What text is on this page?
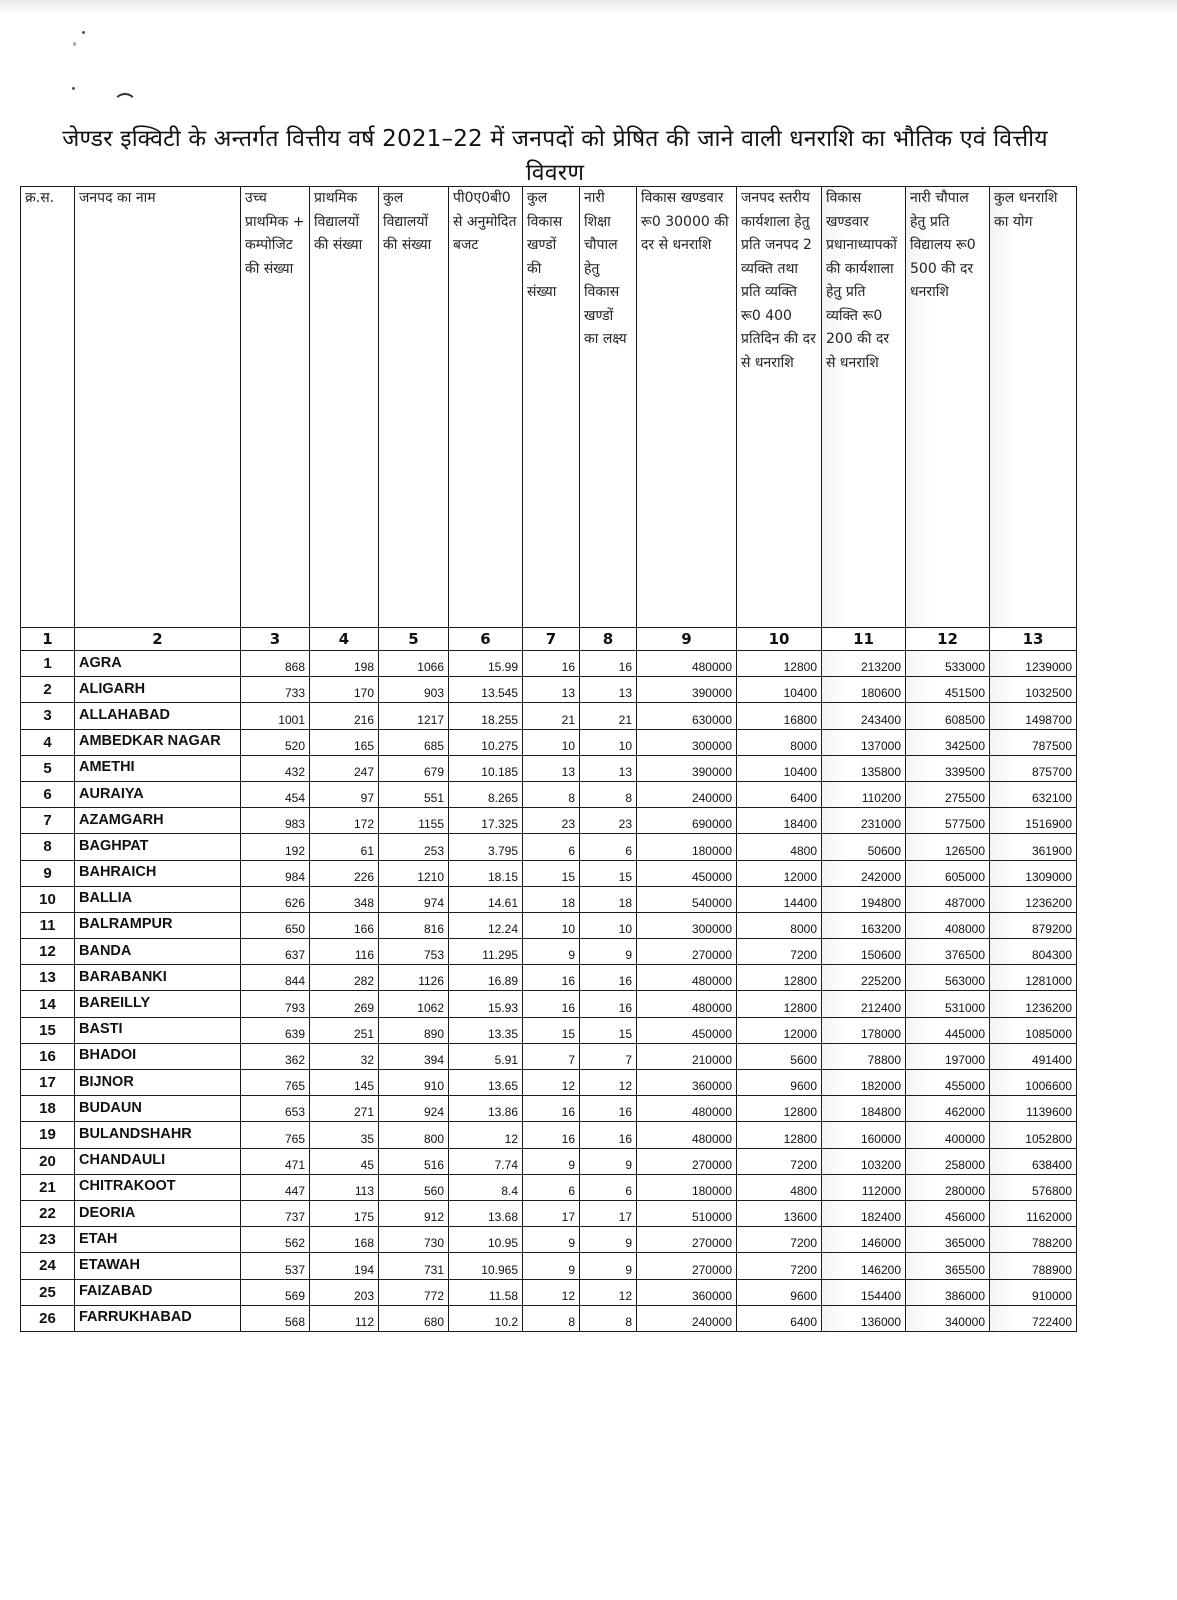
जेण्डर इक्विटी के अन्तर्गत वित्तीय वर्ष 2021–22 में जनपदों को प्रेषित की जाने वाली धनराशि का भौतिक एवं वित्तीय विवरण
क्र.स.	जनपद का नाम	उच्च प्राथमिक + कम्पोजिट की संख्या	प्राथमिक विद्यालयों की संख्या	कुल विद्यालयों की संख्या	पी0ए0बी0 से अनुमोदित बजट	कुल विकास खण्डों की संख्या	नारी शिक्षा चौपाल हेतु विकास खण्डों का लक्ष्य	विकास खण्डवार रू0 30000 की दर से धनराशि	जनपद स्तरीय कार्यशाला हेतु प्रति जनपद 2 व्यक्ति तथा प्रति व्यक्ति रू0 400 प्रतिदिन की दर से धनराशि	विकास खण्डवार प्रधानाध्यापकों की कार्यशाला हेतु प्रति व्यक्ति रू0 200 की दर से धनराशि	नारी चौपाल हेतु प्रति विद्यालय रू0 500 की दर धनराशि	कुल धनराशि का योग
1	2	3	4	5	6	7	8	9	10	11	12	13
1	AGRA	868	198	1066	15.99	16	16	480000	12800	213200	533000	1239000
2	ALIGARH	733	170	903	13.545	13	13	390000	10400	180600	451500	1032500
3	ALLAHABAD	1001	216	1217	18.255	21	21	630000	16800	243400	608500	1498700
4	AMBEDKAR NAGAR	520	165	685	10.275	10	10	300000	8000	137000	342500	787500
5	AMETHI	432	247	679	10.185	13	13	390000	10400	135800	339500	875700
6	AURAIYA	454	97	551	8.265	8	8	240000	6400	110200	275500	632100
7	AZAMGARH	983	172	1155	17.325	23	23	690000	18400	231000	577500	1516900
8	BAGHPAT	192	61	253	3.795	6	6	180000	4800	50600	126500	361900
9	BAHRAICH	984	226	1210	18.15	15	15	450000	12000	242000	605000	1309000
10	BALLIA	626	348	974	14.61	18	18	540000	14400	194800	487000	1236200
11	BALRAMPUR	650	166	816	12.24	10	10	300000	8000	163200	408000	879200
12	BANDA	637	116	753	11.295	9	9	270000	7200	150600	376500	804300
13	BARABANKI	844	282	1126	16.89	16	16	480000	12800	225200	563000	1281000
14	BAREILLY	793	269	1062	15.93	16	16	480000	12800	212400	531000	1236200
15	BASTI	639	251	890	13.35	15	15	450000	12000	178000	445000	1085000
16	BHADOI	362	32	394	5.91	7	7	210000	5600	78800	197000	491400
17	BIJNOR	765	145	910	13.65	12	12	360000	9600	182000	455000	1006600
18	BUDAUN	653	271	924	13.86	16	16	480000	12800	184800	462000	1139600
19	BULANDSHAHR	765	35	800	12	16	16	480000	12800	160000	400000	1052800
20	CHANDAULI	471	45	516	7.74	9	9	270000	7200	103200	258000	638400
21	CHITRAKOOT	447	113	560	8.4	6	6	180000	4800	112000	280000	576800
22	DEORIA	737	175	912	13.68	17	17	510000	13600	182400	456000	1162000
23	ETAH	562	168	730	10.95	9	9	270000	7200	146000	365000	788200
24	ETAWAH	537	194	731	10.965	9	9	270000	7200	146200	365500	788900
25	FAIZABAD	569	203	772	11.58	12	12	360000	9600	154400	386000	910000
26	FARRUKHABAD	568	112	680	10.2	8	8	240000	6400	136000	340000	722400
